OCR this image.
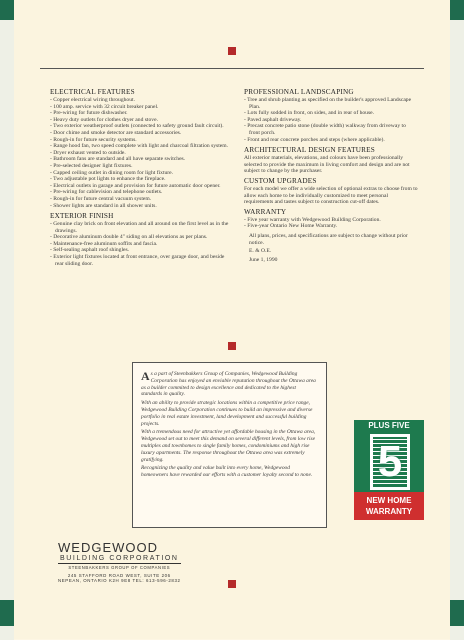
ELECTRICAL FEATURES
- Copper electrical wiring throughout.
- 100 amp. service with 32 circuit breaker panel.
- Pre-wiring for future dishwasher.
- Heavy duty outlets for clothes dryer and stove.
- Two exterior weatherproof outlets (connected to safety ground fault circuit).
- Door chime and smoke detector are standard accessories.
- Rough-in for future security systems.
- Range hood fan, two speed complete with light and charcoal filtration system.
- Dryer exhaust vented to outside.
- Bathroom fans are standard and all have separate switches.
- Pre-selected designer light fixtures.
- Capped ceiling outlet in dining room for light fixture.
- Two adjustable pot lights to enhance the fireplace.
- Electrical outlets in garage and provision for future automatic door opener.
- Pre-wiring for cablevision and telephone outlets.
- Rough-in for future central vacuum system.
- Shower lights are standard in all shower units.
EXTERIOR FINISH
- Genuine clay brick on front elevation and all around on the first level as in the drawings.
- Decorative aluminum double 4" siding on all elevations as per plans.
- Maintenance-free aluminum soffits and fascia.
- Self-sealing asphalt roof shingles.
- Exterior light fixtures located at front entrance, over garage door, and beside rear sliding door.
PROFESSIONAL LANDSCAPING
- Tree and shrub planting as specified on the builder's approved Landscape Plan.
- Lots fully sodded in front, on sides, and in rear of house.
- Paved asphalt driveway.
- Precast concrete patio stone (double width) walkway from driveway to front porch.
- Front and rear concrete porches and steps (where applicable).
ARCHITECTURAL DESIGN FEATURES

All exterior materials, elevations, and colours have been professionally selected to provide the maximum in living comfort and design and are not subject to change by the purchaser.

CUSTOM UPGRADES

For each model we offer a wide selection of optional extras to choose from to allow each home to be individually customized to meet personal requirements and tastes subject to construction cut-off dates.

WARRANTY
- Five year warranty with Wedgewood Building Corporation.
- Five-year Ontario New Home Warranty.

All plans, prices, and specifications are subject to change without prior notice.

E. & O.E.

June 1, 1990

As a part of Steenbakkers Group of Companies, Wedgewood Building Corporation has enjoyed an enviable reputation throughout the Ottawa area as a builder commited to design excellence and dedicated to the highest standards in quality.

With an ability to provide strategic locations within a competitive price range, Wedgewood Building Corporation continues to build an impressive and diverse portfolio in real estate investment, land development and successful building projects.

With a tremendous need for attractive yet affordable housing in the Ottawa area, Wedgewood set out to meet this demand on several different levels, from low rise multiples and townhomes to single family homes, condominiums and high rise luxury apartments. The response throughout the Ottawa area was extremely gratifying.

Recognizing the quality and value built into every home, Wedgewood homeowners have rewarded our efforts with a customer loyalty second to none.

PLUS FIVE
5
NEW HOME
WARRANTY
WEDGEWOOD
BUILDING CORPORATION
STEENBAKKERS GROUP OF COMPANIES
245 STAFFORD ROAD WEST, SUITE 206
NEPEAN, ONTARIO K2H 9E8 TEL: 613-596-2832
